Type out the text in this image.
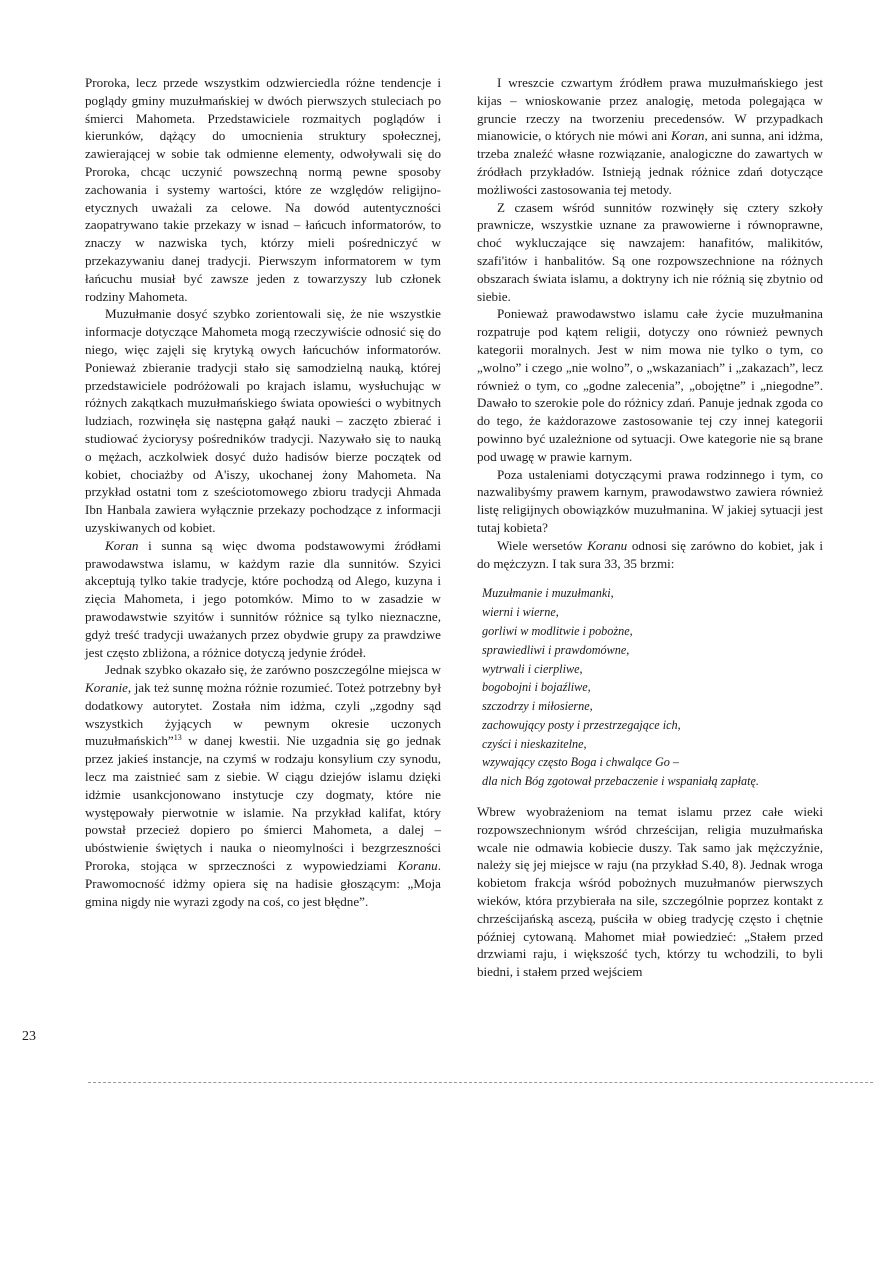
Proroka, lecz przede wszystkim odzwierciedla różne tendencje i poglądy gminy muzułmańskiej w dwóch pierwszych stuleciach po śmierci Mahometa. Przedstawiciele rozmaitych poglądów i kierunków, dążący do umocnienia struktury społecznej, zawierającej w sobie tak odmienne elementy, odwoływali się do Proroka, chcąc uczynić powszechną normą pewne sposoby zachowania i systemy wartości, które ze względów religijno-etycznych uważali za celowe. Na dowód autentyczności zaopatrywano takie przekazy w isnad – łańcuch informatorów, to znaczy w nazwiska tych, którzy mieli pośredniczyć w przekazywaniu danej tradycji. Pierwszym informatorem w tym łańcuchu musiał być zawsze jeden z towarzyszy lub członek rodziny Mahometa.

Muzułmanie dosyć szybko zorientowali się, że nie wszystkie informacje dotyczące Mahometa mogą rzeczywiście odnosić się do niego, więc zajęli się krytyką owych łańcuchów informatorów. Ponieważ zbieranie tradycji stało się samodzielną nauką, której przedstawiciele podróżowali po krajach islamu, wysłuchując w różnych zakątkach muzułmańskiego świata opowieści o wybitnych ludziach, rozwinęła się następna gałąź nauki – zaczęto zbierać i studiować życiorysy pośredników tradycji. Nazywało się to nauką o mężach, aczkolwiek dosyć dużo hadisów bierze początek od kobiet, chociażby od A'iszy, ukochanej żony Mahometa. Na przykład ostatni tom z sześciotomowego zbioru tradycji Ahmada Ibn Hanbala zawiera wyłącznie przekazy pochodzące z informacji uzyskiwanych od kobiet.

Koran i sunna są więc dwoma podstawowymi źródłami prawodawstwa islamu, w każdym razie dla sunnitów. Szyici akceptują tylko takie tradycje, które pochodzą od Alego, kuzyna i zięcia Mahometa, i jego potomków. Mimo to w zasadzie w prawodawstwie szyitów i sunnitów różnice są tylko nieznaczne, gdyż treść tradycji uważanych przez obydwie grupy za prawdziwe jest często zbliżona, a różnice dotyczą jedynie źródeł.

Jednak szybko okazało się, że zarówno poszczególne miejsca w Koranie, jak też sunnę można różnie rozumieć. Toteż potrzebny był dodatkowy autorytet. Została nim idżma, czyli „zgodny sąd wszystkich żyjących w pewnym okresie uczonych muzułmańskich”$^{13}$ w danej kwestii. Nie uzgadnia się go jednak przez jakieś instancje, na czymś w rodzaju konsylium czy synodu, lecz ma zaistnieć sam z siebie. W ciągu dziejów islamu dzięki idżmie usankcjonowano instytucje czy dogmaty, które nie występowały pierwotnie w islamie. Na przykład kalifat, który powstał przecież dopiero po śmierci Mahometa, a dalej – ubóstwienie świętych i nauka o nieomylności i bezgrzeszności Proroka, stojąca w sprzeczności z wypowiedziami Koranu. Prawomocność idżmy opiera się na hadisie głoszącym: „Moja gmina nigdy nie wyrazi zgody na coś, co jest błędne”.

I wreszcie czwartym źródłem prawa muzułmańskiego jest kijas – wnioskowanie przez analogię, metoda polegająca w gruncie rzeczy na tworzeniu precedensów. W przypadkach mianowicie, o których nie mówi ani Koran, ani sunna, ani idżma, trzeba znaleźć własne rozwiązanie, analogiczne do zawartych w źródłach przykładów. Istnieją jednak różnice zdań dotyczące możliwości zastosowania tej metody.

Z czasem wśród sunnitów rozwinęły się cztery szkoły prawnicze, wszystkie uznane za prawowierne i równoprawne, choć wykluczające się nawzajem: hanafitów, malikitów, szafi'itów i hanbalitów. Są one rozpowszechnione na różnych obszarach świata islamu, a doktryny ich nie różnią się zbytnio od siebie.

Ponieważ prawodawstwo islamu całe życie muzułmanina rozpatruje pod kątem religii, dotyczy ono również pewnych kategorii moralnych. Jest w nim mowa nie tylko o tym, co „wolno” i czego „nie wolno”, o „wskazaniach” i „zakazach”, lecz również o tym, co „godne zalecenia”, „obojętne” i „niegodne”. Dawało to szerokie pole do różnicy zdań. Panuje jednak zgoda co do tego, że każdorazowe zastosowanie tej czy innej kategorii powinno być uzależnione od sytuacji. Owe kategorie nie są brane pod uwagę w prawie karnym.

Poza ustaleniami dotyczącymi prawa rodzinnego i tym, co nazwalibyśmy prawem karnym, prawodawstwo zawiera również listę religijnych obowiązków muzułmanina. W jakiej sytuacji jest tutaj kobieta?

Wiele wersetów Koranu odnosi się zarówno do kobiet, jak i do mężczyzn. I tak sura 33, 35 brzmi:

Muzułmanie i muzułmanki,
wierni i wierne,
gorliwi w modlitwie i pobożne,
sprawiedliwi i prawdomówne,
wytrwali i cierpliwe,
bogobojni i bojaźliwe,
szczodrzy i miłosierne,
zachowujący posty i przestrzegające ich,
czyści i nieskazitelne,
wzywający często Boga i chwalące Go –
dla nich Bóg zgotował przebaczenie i wspaniałą zapłatę.

Wbrew wyobrażeniom na temat islamu przez całe wieki rozpowszechnionym wśród chrześcijan, religia muzułmańska wcale nie odmawia kobiecie duszy. Tak samo jak mężczyźnie, należy się jej miejsce w raju (na przykład S.40, 8). Jednak wroga kobietom frakcja wśród pobożnych muzułmanów pierwszych wieków, która przybierała na sile, szczególnie poprzez kontakt z chrześcijańską ascezą, puściła w obieg tradycję często i chętnie później cytowaną. Mahomet miał powiedzieć: „Stałem przed drzwiami raju, i większość tych, którzy tu wchodzili, to byli biedni, i stałem przed wejściem

23
